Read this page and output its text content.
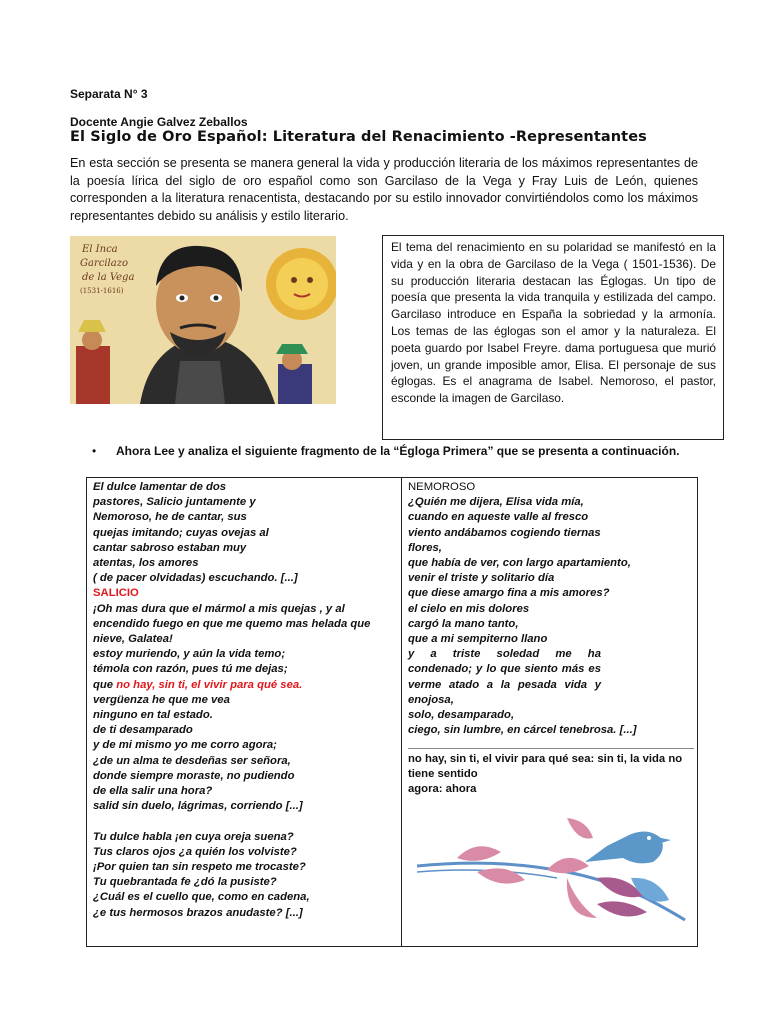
Separata N° 3
Docente Angie Galvez Zeballos
El Siglo de Oro Español: Literatura del Renacimiento -Representantes
En esta sección se presenta se manera general la vida y producción literaria de los máximos representantes de la poesía lírica del siglo de oro español como son Garcilaso de la Vega y Fray Luis de León, quienes corresponden a la literatura renacentista, destacando por su estilo innovador convirtiéndolos como los máximos representantes debido su análisis y estilo literario.
El Inca
Garcilazo
de la Vega
(1531-1616)
El tema del renacimiento en su polaridad se manifestó en la vida y en la obra de Garcilaso de la Vega ( 1501-1536). De su producción literaria destacan las Églogas. Un tipo de poesía que presenta la vida tranquila y estilizada del campo. Garcilaso introduce en España la sobriedad y la armonía. Los temas de las églogas son el amor y la naturaleza. El poeta guardo por Isabel Freyre. dama portuguesa que murió joven, un grande imposible amor, Elisa. El personaje de sus églogas. Es el anagrama de Isabel. Nemoroso, el pastor, esconde la imagen de Garcilaso.
• Ahora Lee y analiza el siguiente fragmento de la “Égloga Primera” que se presenta a continuación.
El dulce lamentar de dos
pastores, Salicio juntamente y
Nemoroso, he de cantar, sus
quejas imitando; cuyas ovejas al
cantar sabroso estaban muy
atentas, los amores
( de pacer olvidadas) escuchando. [...]
SALICIO
¡Oh mas dura que el mármol a mis quejas , y al
encendido fuego en que me quemo mas helada que
nieve, Galatea!
estoy muriendo, y aún la vida temo;
témola con razón, pues tú me dejas;
que no hay, sin ti, el vivir para qué sea.
vergüenza he que me vea
ninguno en tal estado.
de ti desamparado
y de mi mismo yo me corro agora;
¿de un alma te desdeñas ser señora,
donde siempre moraste, no pudiendo
de ella salir una hora?
salid sin duelo, lágrimas, corriendo [...]
Tu dulce habla ¡en cuya oreja suena?
Tus claros ojos ¿a quién los volviste?
¡Por quien tan sin respeto me trocaste?
Tu quebrantada fe ¿dó la pusiste?
¿Cuál es el cuello que, como en cadena,
¿e tus hermosos brazos anudaste? [...]
NEMOROSO
¿Quién me dijera, Elisa vida mía,
cuando en aqueste valle al fresco
viento andábamos cogiendo tiernas
flores,
que había de ver, con largo apartamiento,
venir el triste y solitario día
que diese amargo fina a mis amores?
el cielo en mis dolores
cargó la mano tanto,
que a mi sempiterno llano
y a triste soledad me ha
condenado; y lo que siento más es
verme atado a la pesada vida y
enojosa,
solo, desamparado,
ciego, sin lumbre, en cárcel tenebrosa. [...]
no hay, sin ti, el vivir para qué sea: sin ti, la vida no
tiene sentido
agora: ahora
